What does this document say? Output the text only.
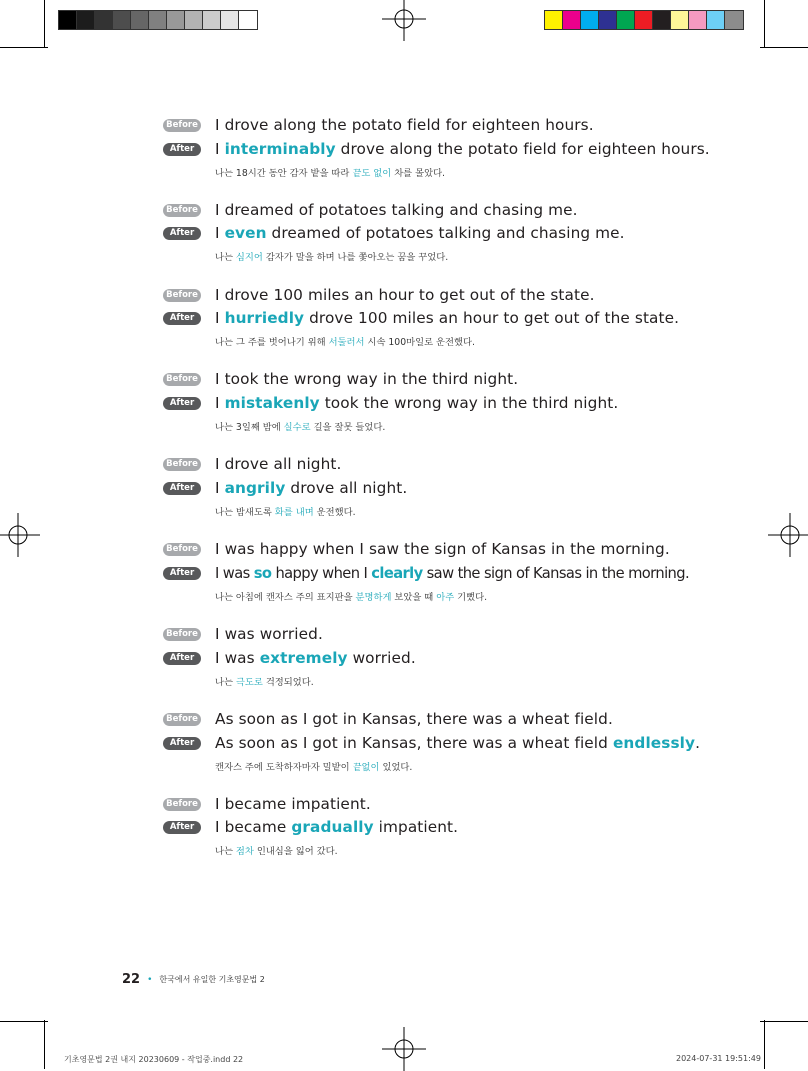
Before I drove along the potato field for eighteen hours.
After	I interminably drove along the potato field for eighteen hours.
나는 18시간 동안 감자 밭을 따라 끝도 없이 차를 몰았다.
Before I dreamed of potatoes talking and chasing me.
After	I even dreamed of potatoes talking and chasing me.
나는 심지어 감자가 말을 하며 나를 쫓아오는 꿈을 꾸었다.
Before I drove 100 miles an hour to get out of the state.
After	I hurriedly drove 100 miles an hour to get out of the state.
나는 그 주를 벗어나기 위해 서둘러서 시속 100마일로 운전했다.
Before I took the wrong way in the third night.
After	I mistakenly took the wrong way in the third night.
나는 3일째 밤에 실수로 길을 잘못 들었다.
Before I drove all night.
After	I angrily drove all night.
나는 밤새도록 화를 내며 운전했다.
Before I was happy when I saw the sign of Kansas in the morning.
After	I was so happy when I clearly saw the sign of Kansas in the morning.
나는 아침에 캔자스 주의 표지판을 분명하게 보았을 때 아주 기뻤다.
Before I was worried.
After	I was extremely worried.
나는 극도로 걱정되었다.
Before As soon as I got in Kansas, there was a wheat field.
After	As soon as I got in Kansas, there was a wheat field endlessly.
캔자스 주에 도착하자마자 밀밭이 끝없이 있었다.
Before I became impatient.
After	I became gradually impatient.
나는 점차 인내심을 잃어 갔다.
22 • 한국에서 유일한 기초영문법 2
기초영문법 2권 내지 20230609 - 작업중.indd 22	2024-07-31 19:51:49
